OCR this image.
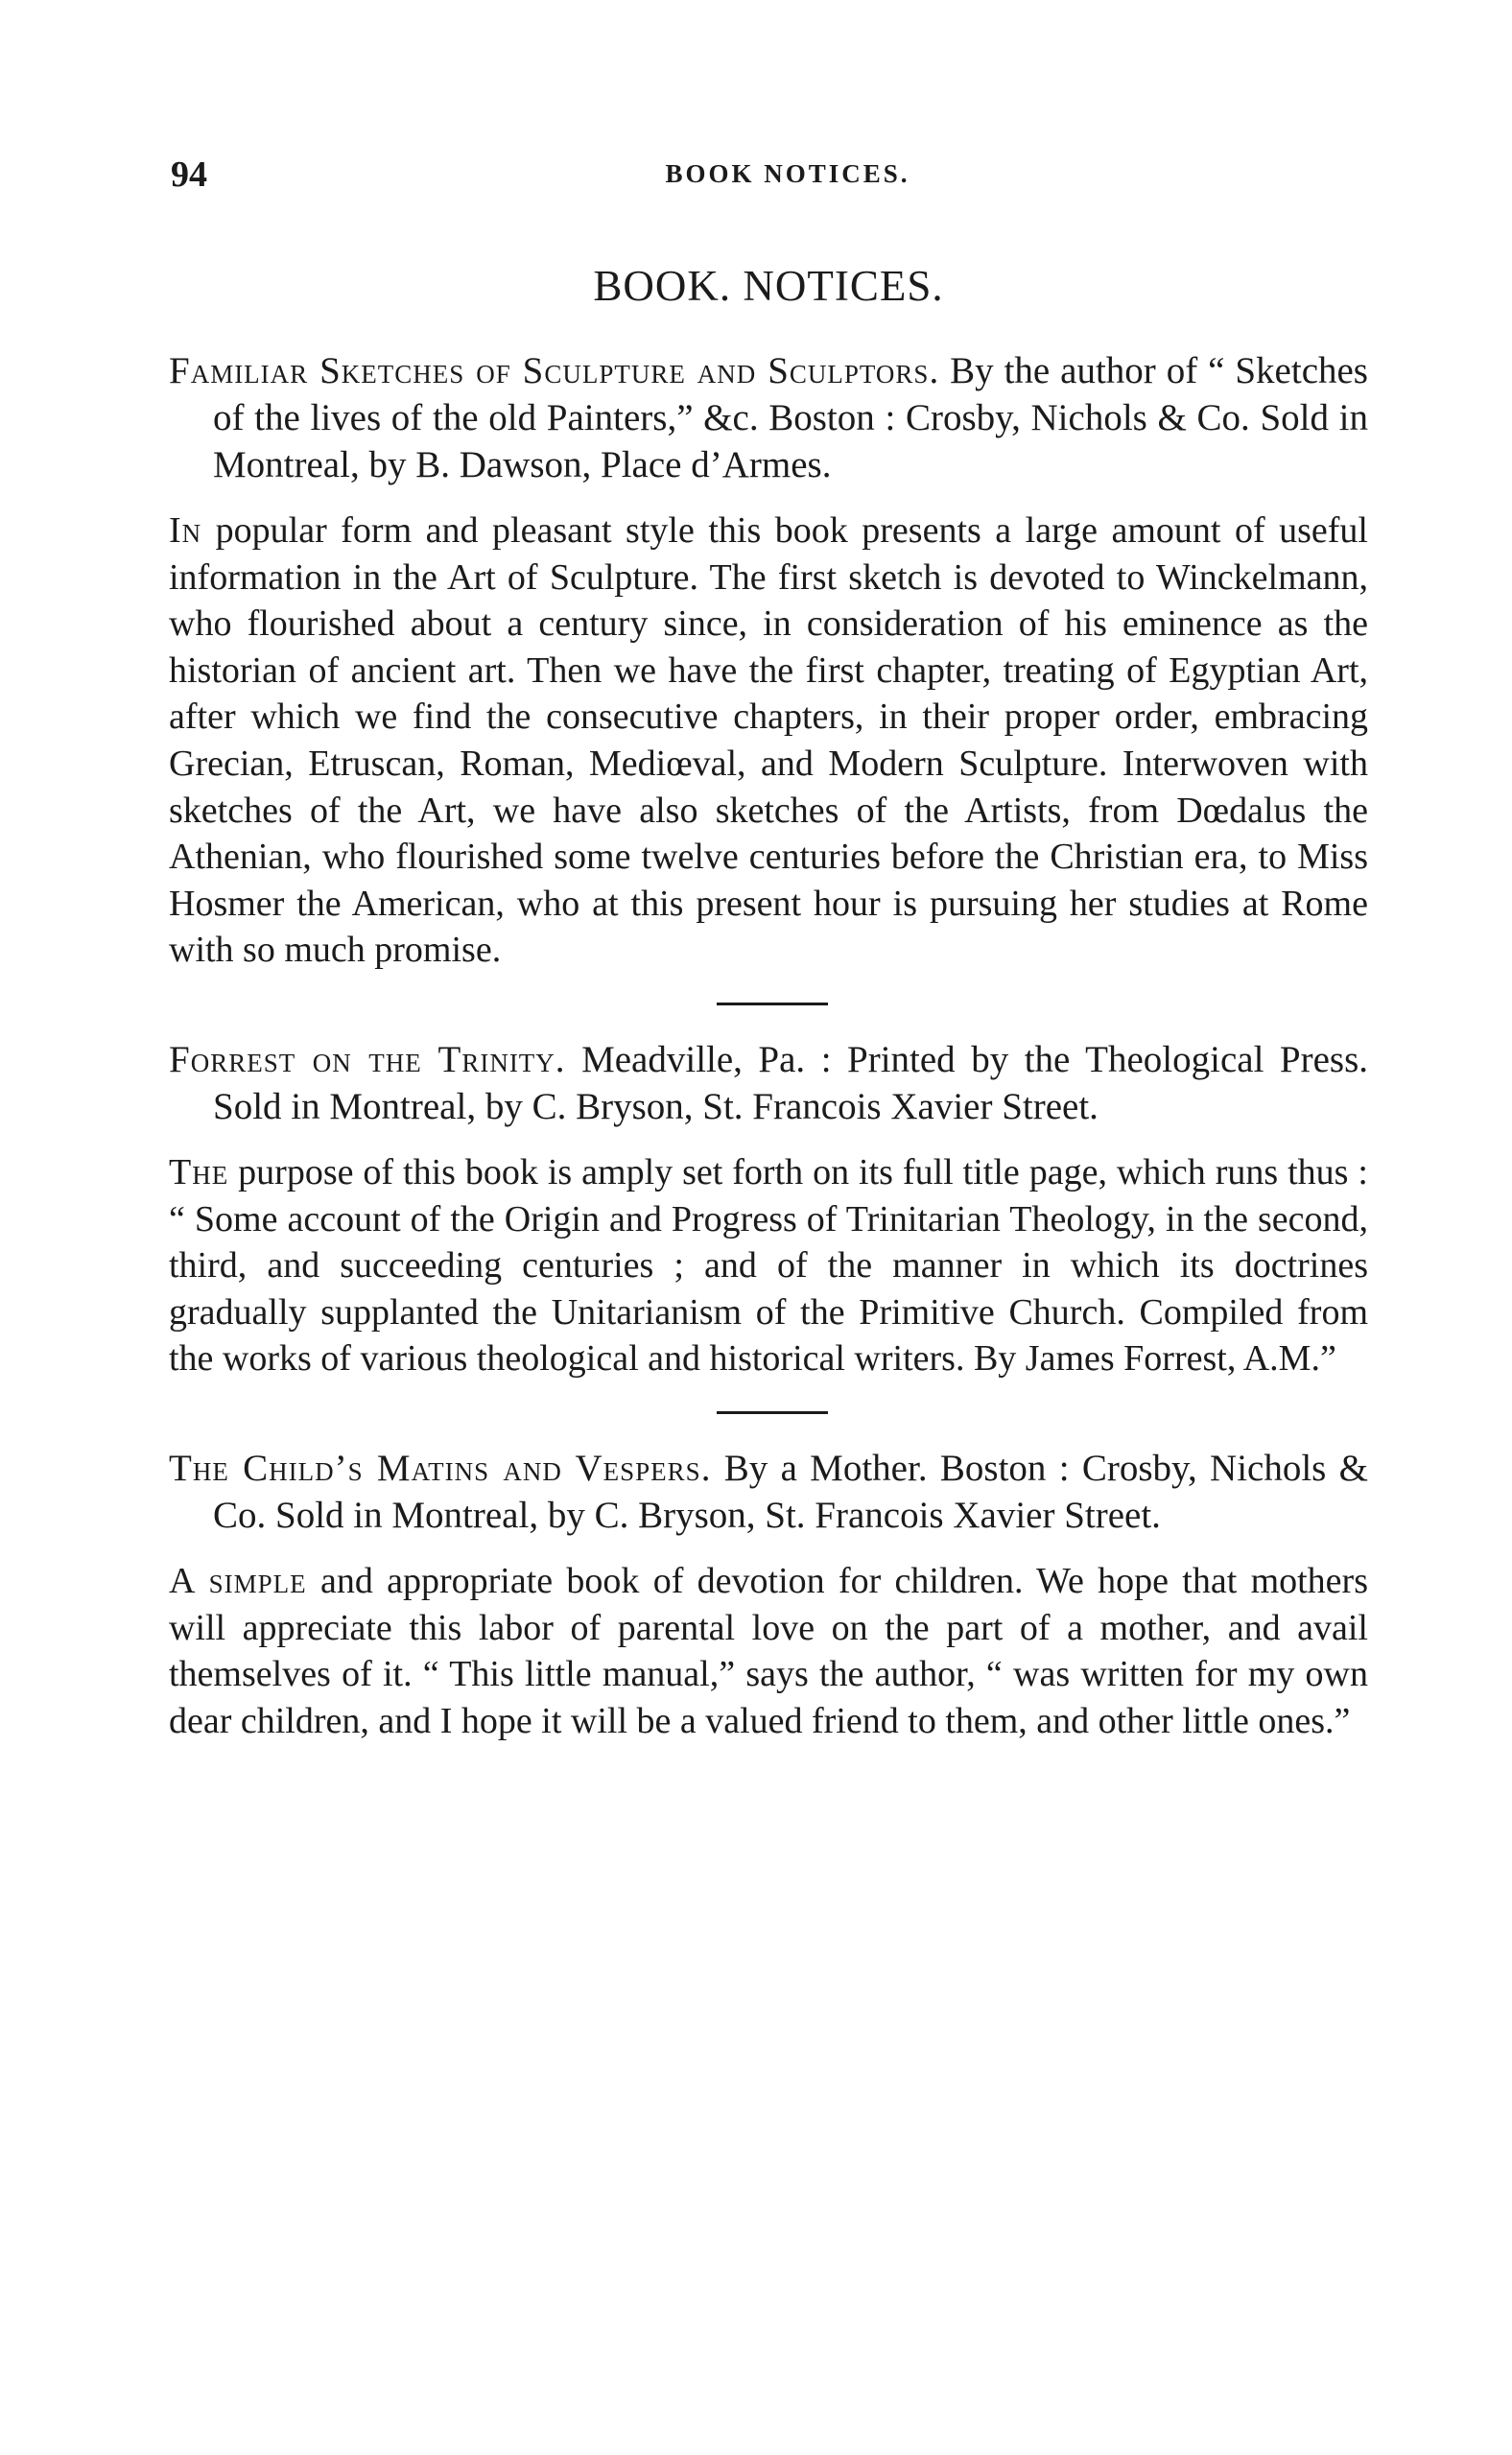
94	BOOK NOTICES.
BOOK. NOTICES.

Familiar Sketches of Sculpture and Sculptors. By the author of “ Sketches of the lives of the old Painters,” &c. Boston : Crosby, Nichols & Co. Sold in Montreal, by B. Dawson, Place d’Armes.

In popular form and pleasant style this book presents a large amount of useful information in the Art of Sculpture. The first sketch is devoted to Winckelmann, who flourished about a century since, in consideration of his eminence as the historian of ancient art. Then we have the first chapter, treating of Egyptian Art, after which we find the consecutive chapters, in their proper order, embracing Grecian, Etruscan, Roman, Mediœval, and Modern Sculpture. Interwoven with sketches of the Art, we have also sketches of the Artists, from Dœdalus the Athenian, who flourished some twelve centuries before the Christian era, to Miss Hosmer the American, who at this present hour is pursuing her studies at Rome with so much promise.

Forrest on the Trinity. Meadville, Pa. : Printed by the Theological Press. Sold in Montreal, by C. Bryson, St. Francois Xavier Street.

The purpose of this book is amply set forth on its full title page, which runs thus : “ Some account of the Origin and Progress of Trinitarian Theology, in the second, third, and succeeding centuries ; and of the manner in which its doctrines gradually supplanted the Unitarianism of the Primitive Church. Compiled from the works of various theological and historical writers. By James Forrest, A.M.”

The Child’s Matins and Vespers. By a Mother. Boston : Crosby, Nichols & Co. Sold in Montreal, by C. Bryson, St. Francois Xavier Street.

A simple and appropriate book of devotion for children. We hope that mothers will appreciate this labor of parental love on the part of a mother, and avail themselves of it. “ This little manual,” says the author, “ was written for my own dear children, and I hope it will be a valued friend to them, and other little ones.”
